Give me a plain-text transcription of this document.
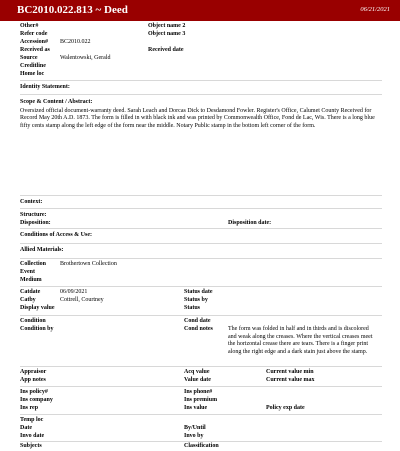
BC2010.022.813 ~ Deed	06/21/2021
Other#	Object name 2
Refer code	Object name 3
Accession#	BC2010.022
Received as	Received date
Source	Walentowski, Gerald
Creditline
Home loc
Identity Statement:
Scope & Content / Abstract:
Oversized official document-warranty deed. Sarah Leach and Dorcas Dick to Desdamond Fowler. Register's Office, Calumet County Received for Record May 20th A.D. 1873. The form is filled in with black ink and was printed by Commonwealth Office, Fond de Lac, Wis. There is a long blue fifty cents stamp along the left edge of the form near the middle. Notary Public stamp in the bottom left corner of the form.
Context:
Structure:
Disposition:	Disposition date:
Conditions of Access & Use:
Allied Materials:
Collection	Brothertown Collection
Event
Medium
Catdate	06/09/2021	Status date
Catby	Cottrell, Courtney	Status by
Display value	Status
Condition	Cond date
Condition by	Cond notes	The form was folded in half and in thirds and is discolored and weak along the creases. Where the vertical creases meet the horizontal crease there are tears. There is a finger print along the right edge and a dark stain just above the stamp.
Appraisor	Acq value	Current value min
App notes	Value date	Current value max
Ins policy#	Ins phone#
Ins company	Ins premium
Ins rep	Ins value	Policy exp date
Temp loc
Date	By/Until
Invo date	Invo by
Subjects	Classification
